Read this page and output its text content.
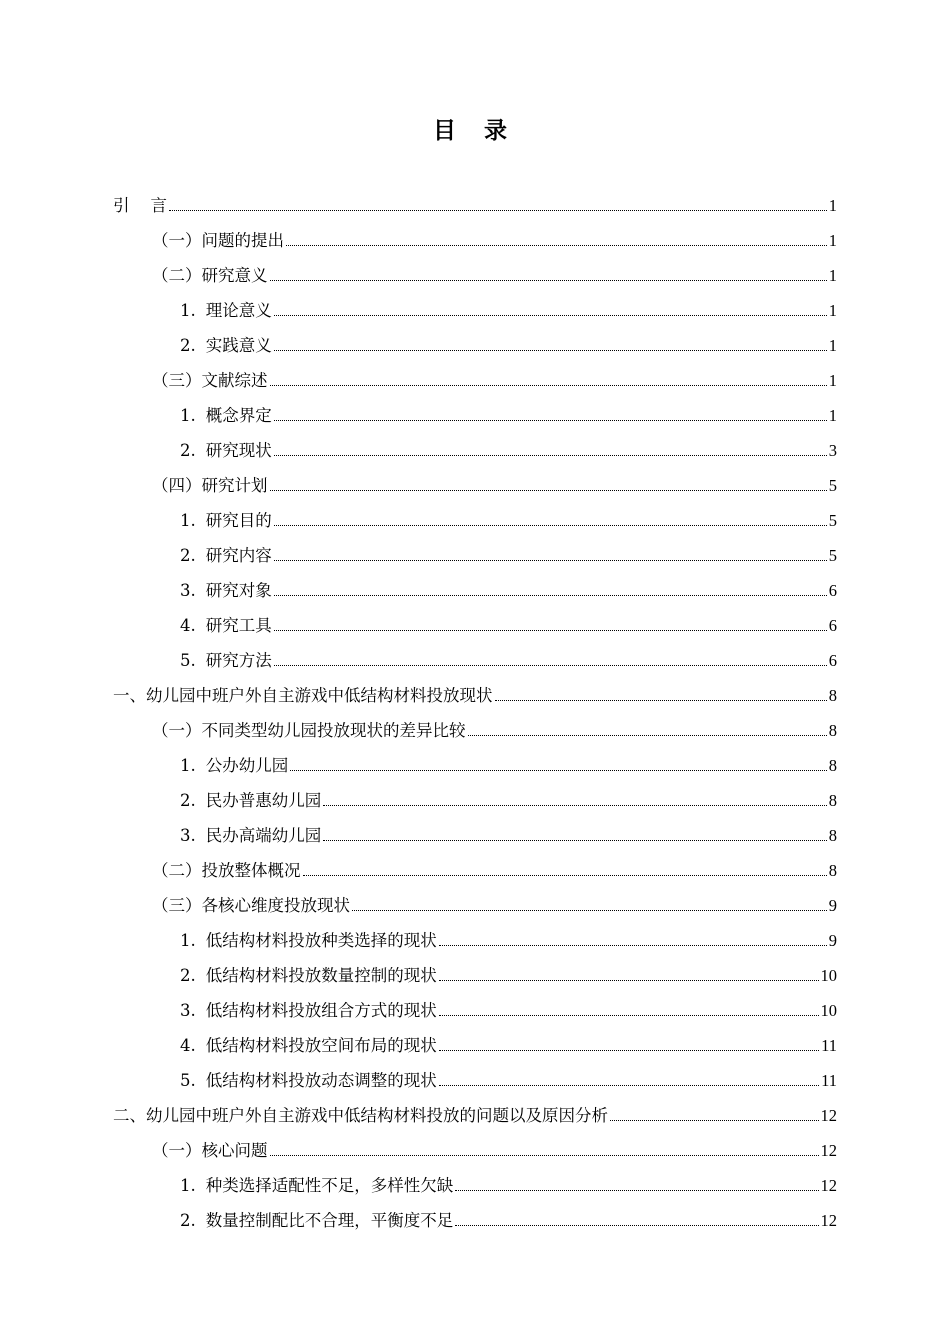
目 录
引    言	1
（一）问题的提出	1
（二）研究意义	1
1. 理论意义	1
2. 实践意义	1
（三）文献综述	1
1. 概念界定	1
2. 研究现状	3
（四）研究计划	5
1. 研究目的	5
2. 研究内容	5
3. 研究对象	6
4. 研究工具	6
5. 研究方法	6
一、幼儿园中班户外自主游戏中低结构材料投放现状	8
（一）不同类型幼儿园投放现状的差异比较	8
1. 公办幼儿园	8
2. 民办普惠幼儿园	8
3. 民办高端幼儿园	8
（二）投放整体概况	8
（三）各核心维度投放现状	9
1. 低结构材料投放种类选择的现状	9
2. 低结构材料投放数量控制的现状	10
3. 低结构材料投放组合方式的现状	10
4. 低结构材料投放空间布局的现状	11
5. 低结构材料投放动态调整的现状	11
二、幼儿园中班户外自主游戏中低结构材料投放的问题以及原因分析	12
（一）核心问题	12
1. 种类选择适配性不足，多样性欠缺	12
2. 数量控制配比不合理，平衡度不足	12
